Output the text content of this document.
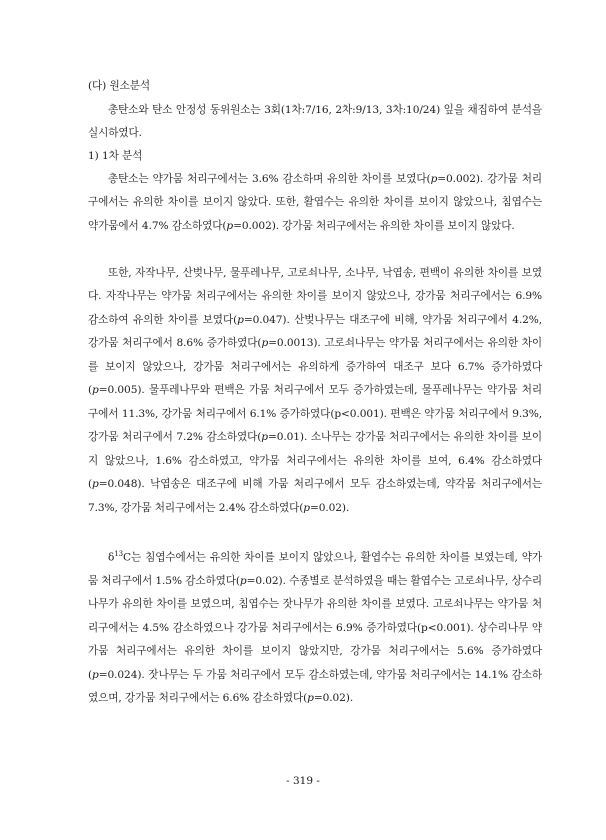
(다) 원소분석

총탄소와 탄소 안정성 동위원소는 3회(1차:7/16, 2차:9/13, 3차:10/24) 잎을 채집하여 분석을 실시하였다.

1) 1차 분석

총탄소는 약가뭄 처리구에서는 3.6% 감소하며 유의한 차이를 보였다(p=0.002). 강가뭄 처리구에서는 유의한 차이를 보이지 않았다. 또한, 활엽수는 유의한 차이를 보이지 않았으나, 침엽수는 약가뭄에서 4.7% 감소하였다(p=0.002). 강가뭄 처리구에서는 유의한 차이를 보이지 않았다.

또한, 자작나무, 산벚나무, 물푸레나무, 고로쇠나무, 소나무, 낙엽송, 편백이 유의한 차이를 보였다. 자작나무는 약가뭄 처리구에서는 유의한 차이를 보이지 않았으나, 강가뭄 처리구에서는 6.9% 감소하여 유의한 차이를 보였다(p=0.047). 산벚나무는 대조구에 비해, 약가뭄 처리구에서 4.2%, 강가뭄 처리구에서 8.6% 증가하였다(p=0.0013). 고로쇠나무는 약가뭄 처리구에서는 유의한 차이를 보이지 않았으나, 강가뭄 처리구에서는 유의하게 증가하여 대조구 보다 6.7% 증가하였다(p=0.005). 물푸레나무와 편백은 가뭄 처리구에서 모두 증가하였는데, 물푸레나무는 약가뭄 처리구에서 11.3%, 강가뭄 처리구에서 6.1% 증가하였다(p<0.001). 편백은 약가뭄 처리구에서 9.3%, 강가뭄 처리구에서 7.2% 감소하였다(p=0.01). 소나무는 강가뭄 처리구에서는 유의한 차이를 보이지 않았으나, 1.6% 감소하였고, 약가뭄 처리구에서는 유의한 차이를 보여, 6.4% 감소하였다(p=0.048). 낙엽송은 대조구에 비해 가뭄 처리구에서 모두 감소하였는데, 약각뭄 처리구에서는 7.3%, 강가뭄 처리구에서는 2.4% 감소하였다(p=0.02).

$\delta^{13}C$는 침엽수에서는 유의한 차이를 보이지 않았으나, 활엽수는 유의한 차이를 보였는데, 약가뭄 처리구에서 1.5% 감소하였다(p=0.02). 수종별로 분석하였을 때는 활엽수는 고로쇠나무, 상수리나무가 유의한 차이를 보였으며, 침엽수는 잣나무가 유의한 차이를 보였다. 고로쇠나무는 약가뭄 처리구에서는 4.5% 감소하였으나 강가뭄 처리구에서는 6.9% 증가하였다(p<0.001). 상수리나무 약가뭄 처리구에서는 유의한 차이를 보이지 않았지만, 강가뭄 처리구에서는 5.6% 증가하였다(p=0.024). 잣나무는 두 가뭄 처리구에서 모두 감소하였는데, 약가뭄 처리구에서는 14.1% 감소하였으며, 강가뭄 처리구에서는 6.6% 감소하였다(p=0.02).

- 319 -
